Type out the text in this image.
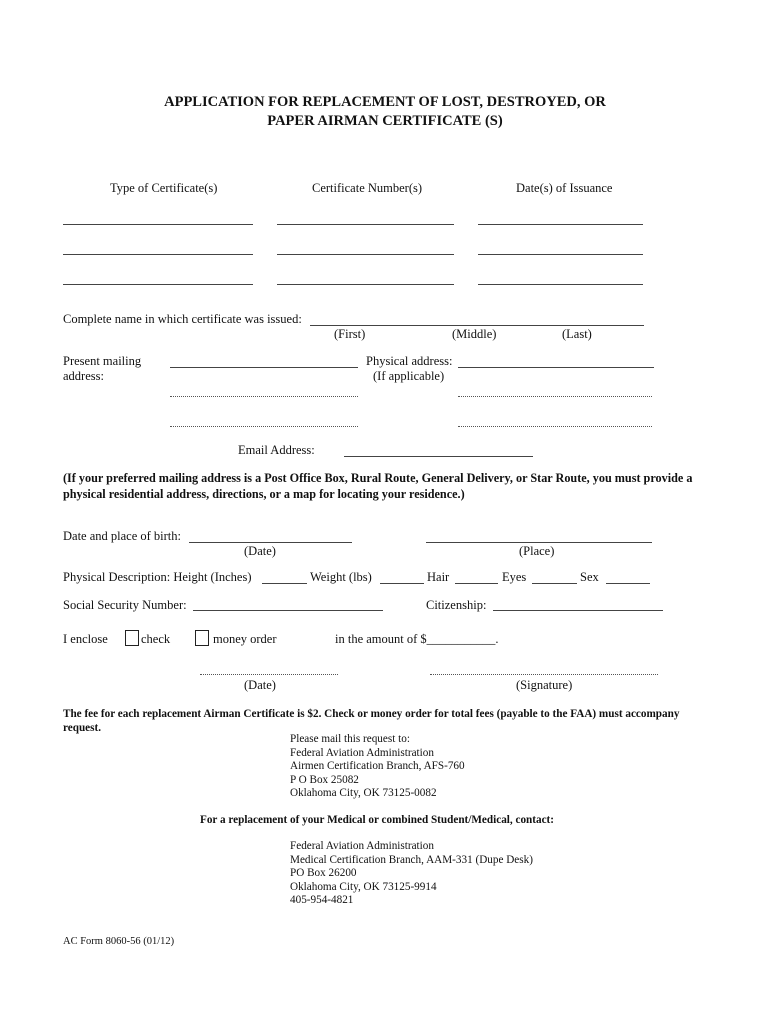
APPLICATION FOR REPLACEMENT OF LOST, DESTROYED, OR
PAPER AIRMAN CERTIFICATE (S)
Type of Certificate(s)	Certificate Number(s)	Date(s) of Issuance
Complete name in which certificate was issued:
(First)	(Middle)	(Last)
Present mailing
address:
Physical address:
(If applicable)
Email Address:
(If your preferred mailing address is a Post Office Box, Rural Route, General Delivery, or Star Route, you must provide a physical residential address, directions, or a map for locating your residence.)
Date and place of birth:
(Date)	(Place)
Physical Description: Height (Inches)	Weight (lbs)	Hair	Eyes	Sex
Social Security Number:	Citizenship:
I enclose	check	money order	in the amount of $___________.
(Date)	(Signature)
The fee for each replacement Airman Certificate is $2. Check or money order for total fees (payable to the FAA) must accompany request.
Please mail this request to:
Federal Aviation Administration
Airmen Certification Branch, AFS-760
P O Box 25082
Oklahoma City, OK 73125-0082
For a replacement of your Medical or combined Student/Medical, contact:
Federal Aviation Administration
Medical Certification Branch, AAM-331 (Dupe Desk)
PO Box 26200
Oklahoma City, OK 73125-9914
405-954-4821
AC Form 8060-56 (01/12)
